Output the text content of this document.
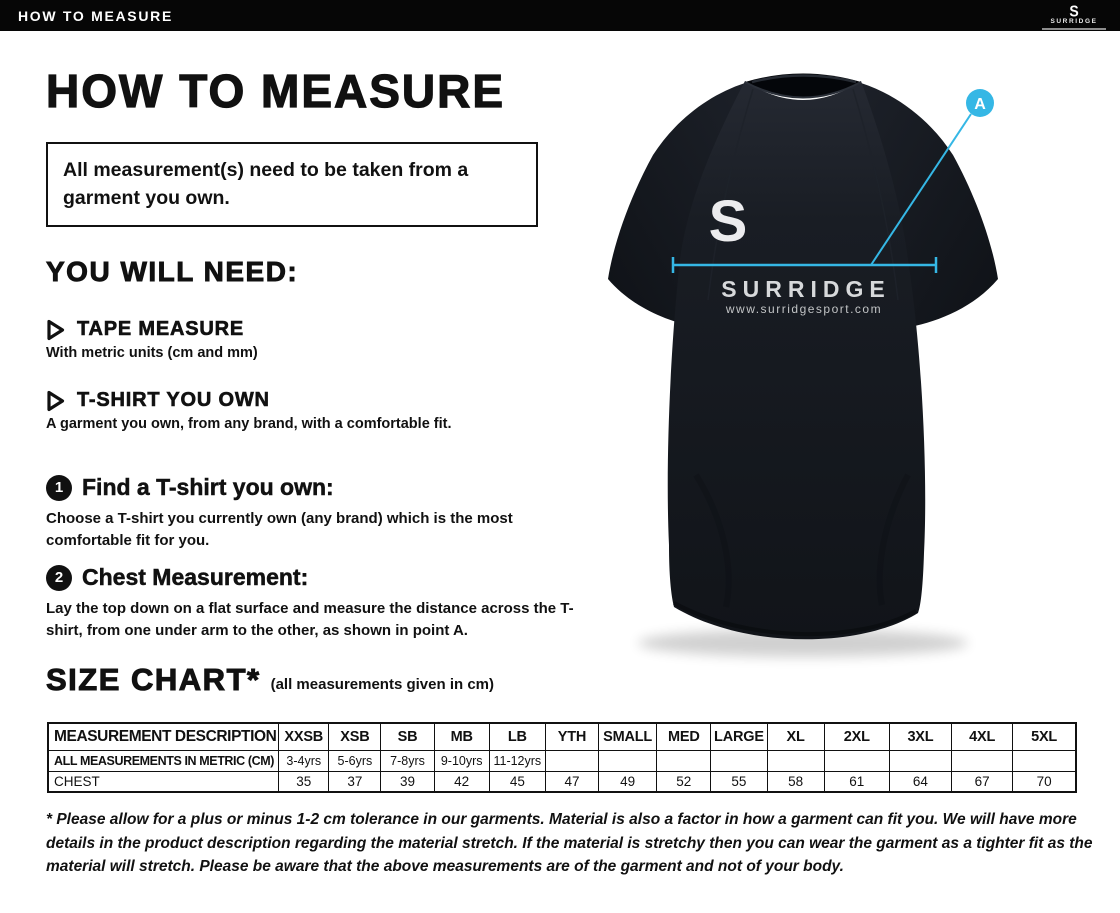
HOW TO MEASURE	S
SURRIDGE
HOW TO MEASURE
All measurement(s) need to be taken from a garment you own.
YOU WILL NEED:
TAPE MEASURE
With metric units (cm and mm)
T-SHIRT YOU OWN
A garment you own, from any brand, with a comfortable fit.
1 Find a T-shirt you own:
Choose a T-shirt you currently own (any brand) which is the most comfortable fit for you.
2 Chest Measurement:
Lay the top down on a flat surface and measure the distance across the T-shirt, from one under arm to the other, as shown in point A.
SIZE CHART* (all measurements given in cm)
MEASUREMENT DESCRIPTION	XXSB	XSB	SB	MB	LB	YTH	SMALL	MED	LARGE	XL	2XL	3XL	4XL	5XL
ALL MEASUREMENTS IN METRIC (CM)	3-4yrs	5-6yrs	7-8yrs	9-10yrs	11-12yrs									
CHEST	35	37	39	42	45	47	49	52	55	58	61	64	67	70
* Please allow for a plus or minus 1-2 cm tolerance in our garments. Material is also a factor in how a garment can fit you. We will have more details in the product description regarding the material stretch. If the material is stretchy then you can wear the garment as a tighter fit as the material will stretch. Please be aware that the above measurements are of the garment and not of your body.
S
SURRIDGE
www.surridgesport.com
A
